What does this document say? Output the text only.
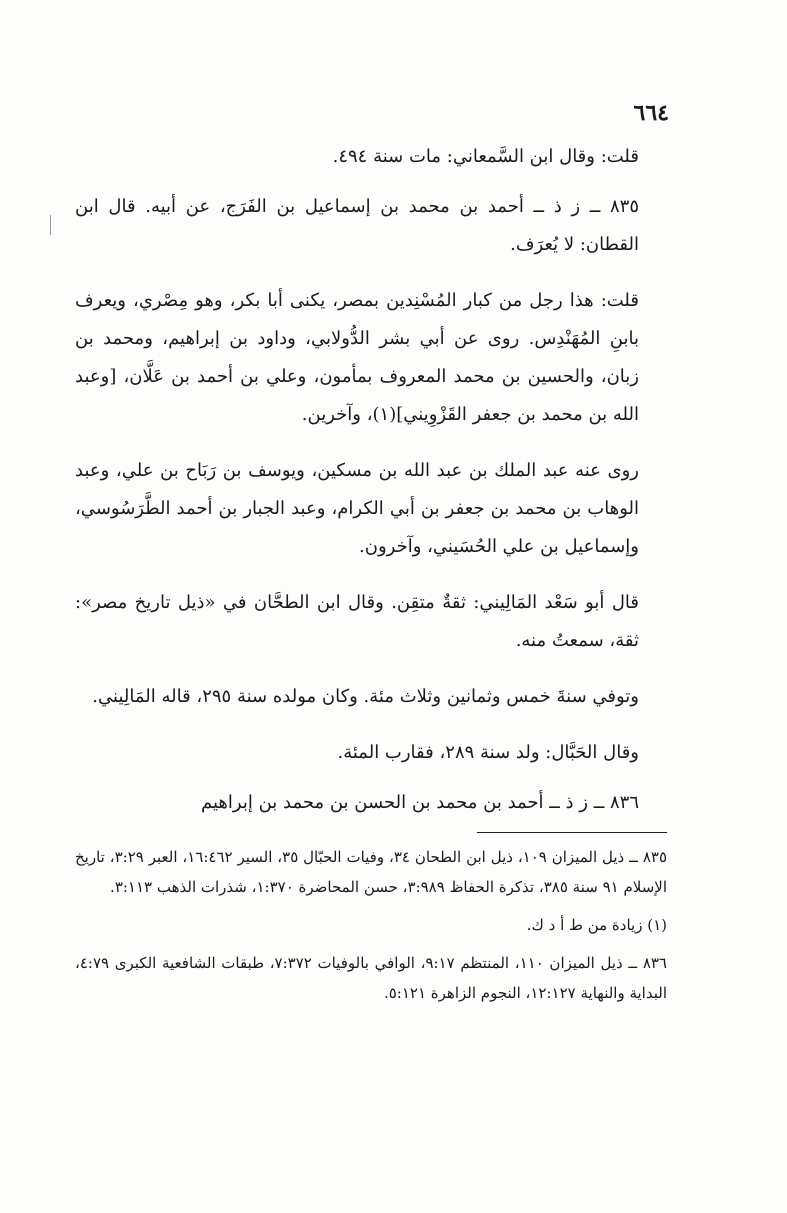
٦٦٤

قلت: وقال ابن السَّمعاني: مات سنة ٤٩٤.

٨٣٥ ــ ز ذ ــ أحمد بن محمد بن إسماعيل بن الفَرَج، عن أبيه. قال ابن القطان: لا يُعرَف.

قلت: هذا رجل من كبار المُسْنِدين بمصر، يكنى أبا بكر، وهو مِصْري، ويعرف بابنِ المُهَنْدِس. روى عن أبي بشر الدُّولابي، وداود بن إبراهيم، ومحمد بن زبان، والحسين بن محمد المعروف بمأمون، وعلي بن أحمد بن عَلَّان، [وعبد الله بن محمد بن جعفر القَزْوِيني](١)، وآخرين.

روى عنه عبد الملك بن عبد الله بن مسكين، ويوسف بن رَبَاح بن علي، وعبد الوهاب بن محمد بن جعفر بن أبي الكرام، وعبد الجبار بن أحمد الطَّرَسُوسي، وإسماعيل بن علي الحُسَيني، وآخرون.

قال أبو سَعْد المَالِيني: ثقةٌ متقِن. وقال ابن الطحَّان في «ذيل تاريخ مصر»: ثقة، سمعتُ منه.

وتوفي سنةَ خمس وثمانين وثلاث مئة. وكان مولده سنة ٢٩٥، قاله المَالِيني.

وقال الحَبَّال: ولد سنة ٢٨٩، فقارب المئة.

٨٣٦ ــ ز ذ ــ أحمد بن محمد بن الحسن بن محمد بن إبراهيم

٨٣٥ ــ ذيل الميزان ١٠٩، ذيل ابن الطحان ٣٤، وفيات الحبّال ٣٥، السير ١٦:٤٦٢، العبر ٣:٢٩، تاريخ الإسلام ٩١ سنة ٣٨٥، تذكرة الحفاظ ٣:٩٨٩، حسن المحاضرة ١:٣٧٠، شذرات الذهب ٣:١١٣.

(١) زيادة من ط أ د ك.

٨٣٦ ــ ذيل الميزان ١١٠، المنتظم ٩:١٧، الوافي بالوفيات ٧:٣٧٢، طبقات الشافعية الكبرى ٤:٧٩، البداية والنهاية ١٢:١٢٧، النجوم الزاهرة ٥:١٢١.
